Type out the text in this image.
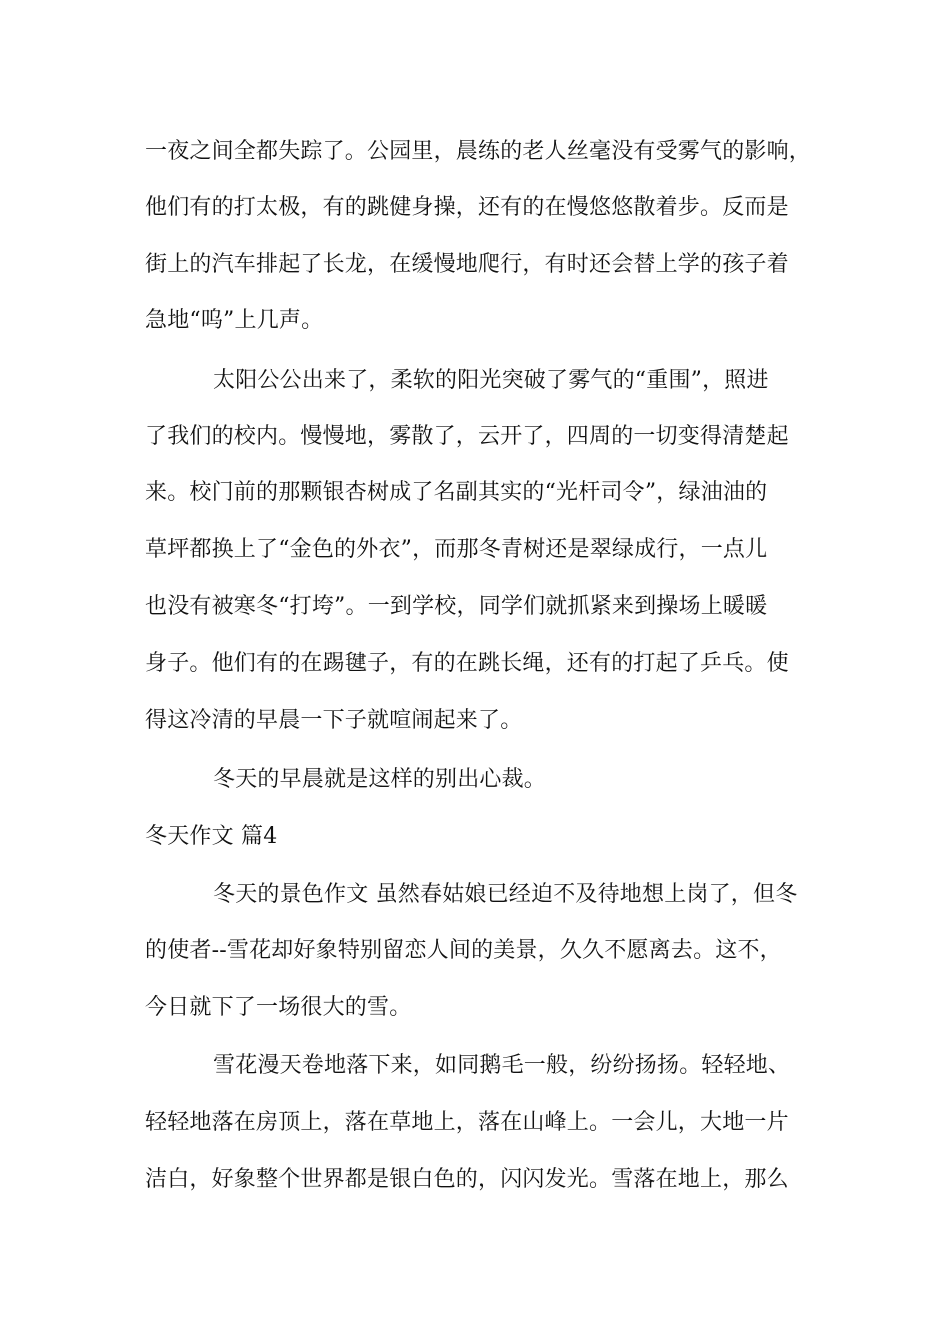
一夜之间全都失踪了。公园里，晨练的老人丝毫没有受雾气的影响，
他们有的打太极，有的跳健身操，还有的在慢悠悠散着步。反而是
街上的汽车排起了长龙，在缓慢地爬行，有时还会替上学的孩子着
急地“呜”上几声。
太阳公公出来了，柔软的阳光突破了雾气的“重围”，照进
了我们的校内。慢慢地，雾散了，云开了，四周的一切变得清楚起
来。校门前的那颗银杏树成了名副其实的“光杆司令”，绿油油的
草坪都换上了“金色的外衣”，而那冬青树还是翠绿成行，一点儿
也没有被寒冬“打垮”。一到学校，同学们就抓紧来到操场上暖暖
身子。他们有的在踢毽子，有的在跳长绳，还有的打起了乒乓。使
得这冷清的早晨一下子就喧闹起来了。
冬天的早晨就是这样的别出心裁。
冬天作文 篇4
冬天的景色作文 虽然春姑娘已经迫不及待地想上岗了，但冬
的使者--雪花却好象特别留恋人间的美景，久久不愿离去。这不，
今日就下了一场很大的雪。
雪花漫天卷地落下来，如同鹅毛一般，纷纷扬扬。轻轻地、
轻轻地落在房顶上，落在草地上，落在山峰上。一会儿，大地一片
洁白，好象整个世界都是银白色的，闪闪发光。雪落在地上，那么
